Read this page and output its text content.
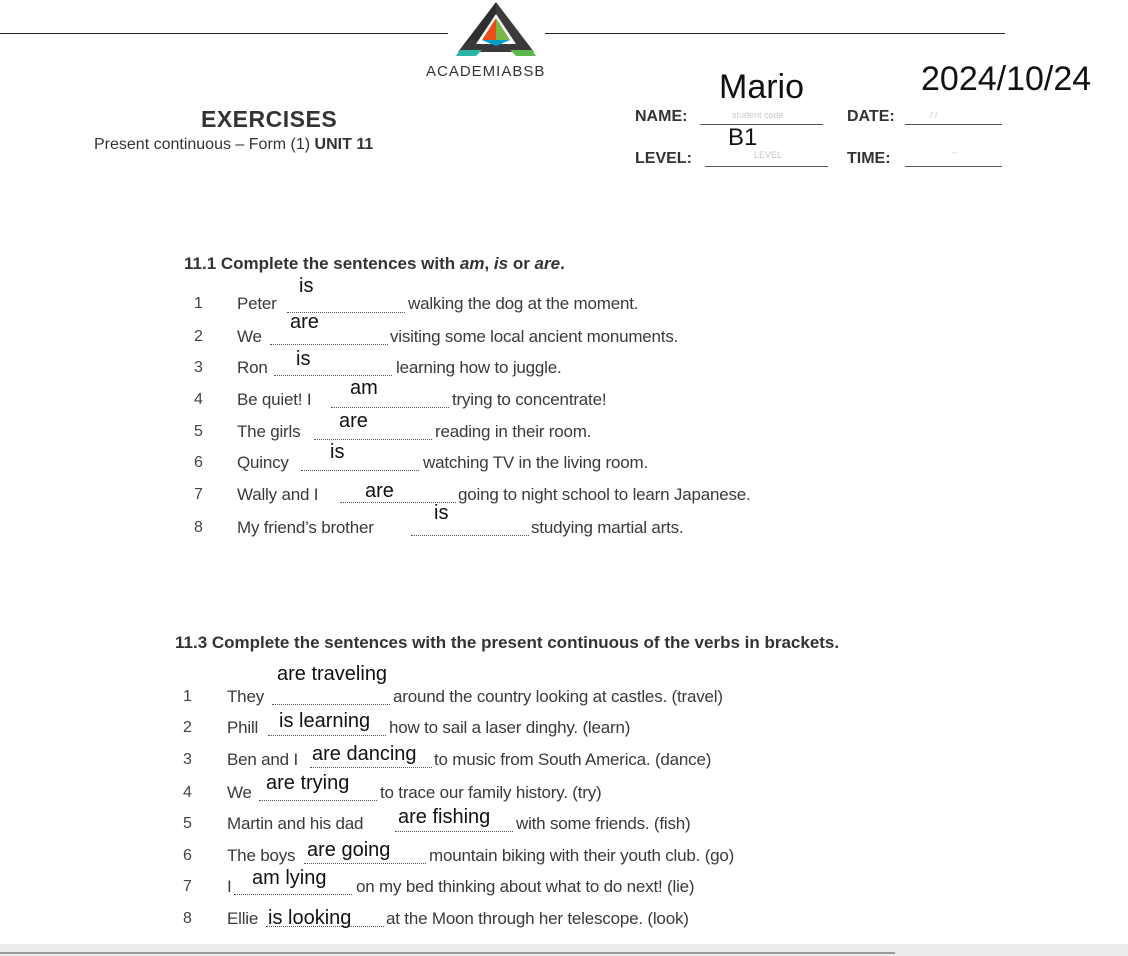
ACADEMIABSB
EXERCISES
Present continuous – Form (1) UNIT 11
NAME:	student code
Mario
DATE:	/ /
2024/10/24
LEVEL:	LEVEL
B1
TIME:	–
11.1 Complete the sentences with am, is or are.
1 Peter	walking the dog at the moment.
is
2 We	visiting some local ancient monuments.
are
3 Ron	learning how to juggle.
is
4 Be quiet! I	trying to concentrate!
am
5 The girls	reading in their room.
are
6 Quincy	watching TV in the living room.
is
7 Wally and I	going to night school to learn Japanese.
are
8 My friend’s brother	studying martial arts.
is
11.3 Complete the sentences with the present continuous of the verbs in brackets.
1 They	around the country looking at castles. (travel)
are traveling
2 Phill	how to sail a laser dinghy. (learn)
is learning
3 Ben and I	to music from South America. (dance)
are dancing
4 We	to trace our family history. (try)
are trying
5 Martin and his dad	with some friends. (fish)
are fishing
6 The boys	mountain biking with their youth club. (go)
are going
7 I	on my bed thinking about what to do next! (lie)
am lying
8 Ellie	at the Moon through her telescope. (look)
is looking
